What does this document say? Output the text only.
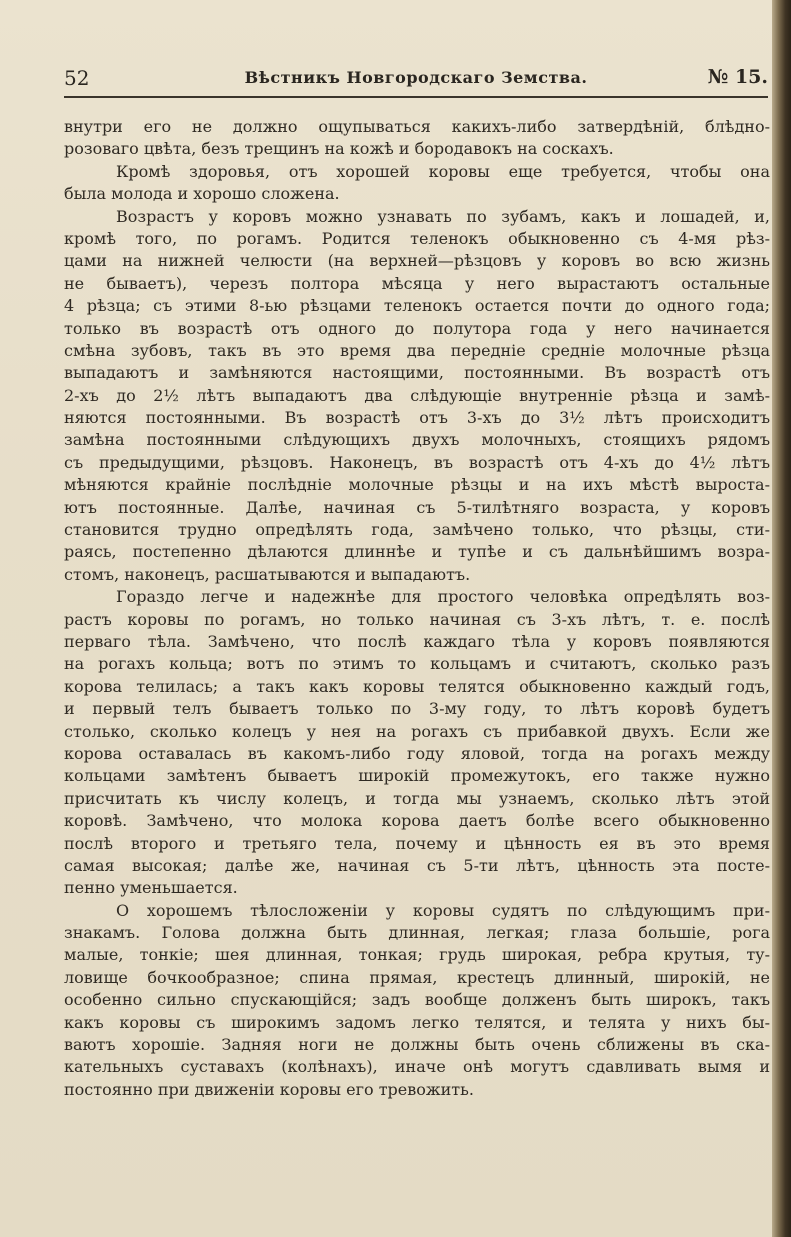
52	Вѣстникъ Новгородскаго Земства.	№ 15.
внутри его не должно ощупываться какихъ-либо затвердѣній, блѣдно-
розоваго цвѣта, безъ трещинъ на кожѣ и бородавокъ на соскахъ.
Кромѣ здоровья, отъ хорошей коровы еще требуется, чтобы она
была молода и хорошо сложена.
Возрастъ у коровъ можно узнавать по зубамъ, какъ и лошадей, и,
кромѣ того, по рогамъ. Родится теленокъ обыкновенно съ 4-мя рѣз-
цами на нижней челюсти (на верхней—рѣзцовъ у коровъ во всю жизнь
не бываетъ), черезъ полтора мѣсяца у него вырастаютъ остальные
4 рѣзца; съ этими 8-ью рѣзцами теленокъ остается почти до одного года;
только въ возрастѣ отъ одного до полутора года у него начинается
смѣна зубовъ, такъ въ это время два переднiе средніе молочные рѣзца
выпадаютъ и замѣняются настоящими, постоянными. Въ возрастѣ отъ
2-хъ до 2½ лѣтъ выпадаютъ два слѣдующіе внутренніе рѣзца и замѣ-
няются постоянными. Въ возрастѣ отъ 3-хъ до 3½ лѣтъ происходитъ
замѣна постоянными слѣдующихъ двухъ молочныхъ, стоящихъ рядомъ
съ предыдущими, рѣзцовъ. Наконецъ, въ возрастѣ отъ 4-хъ до 4½ лѣтъ
мѣняются крайніе послѣдніе молочные рѣзцы и на ихъ мѣстѣ выроста-
ютъ постоянные. Далѣе, начиная съ 5-тилѣтняго возраста, у коровъ
становится трудно опредѣлять года, замѣчено только, что рѣзцы, сти-
раясь, постепенно дѣлаются длиннѣе и тупѣе и съ дальнѣйшимъ возра-
стомъ, наконецъ, расшатываются и выпадаютъ.
Гораздо легче и надежнѣе для простого человѣка опредѣлять воз-
растъ коровы по рогамъ, но только начиная съ 3-хъ лѣтъ, т. е. послѣ
перваго тѣла. Замѣчено, что послѣ каждаго тѣла у коровъ появляются
на рогахъ кольца; вотъ по этимъ то кольцамъ и считаютъ, сколько разъ
корова телилась; а такъ какъ коровы телятся обыкновенно каждый годъ,
и первый телъ бываетъ только по 3-му году, то лѣтъ коровѣ будетъ
столько, сколько колецъ у нея на рогахъ съ прибавкой двухъ. Если же
корова оставалась въ какомъ-либо году яловой, тогда на рогахъ между
кольцами замѣтенъ бываетъ широкій промежутокъ, его также нужно
присчитать къ числу колецъ, и тогда мы узнаемъ, сколько лѣтъ этой
коровѣ. Замѣчено, что молока корова даетъ болѣе всего обыкновенно
послѣ второго и третьяго тела, почему и цѣнность ея въ это время
самая высокая; далѣе же, начиная съ 5-ти лѣтъ, цѣнность эта посте-
пенно уменьшается.
О хорошемъ тѣлосложеніи у коровы судятъ по слѣдующимъ при-
знакамъ. Голова должна быть длинная, легкая; глаза большіе, рога
малые, тонкіе; шея длинная, тонкая; грудь широкая, ребра крутыя, ту-
ловище бочкообразное; спина прямая, крестецъ длинный, широкій, не
особенно сильно спускающійся; задъ вообще долженъ быть широкъ, такъ
какъ коровы съ широкимъ задомъ легко телятся, и телята у нихъ бы-
ваютъ хорошіе. Задняя ноги не должны быть очень сближены въ ска-
кательныхъ суставахъ (колѣнахъ), иначе онѣ могутъ сдавливать вымя и
постоянно при движеніи коровы его тревожить.
